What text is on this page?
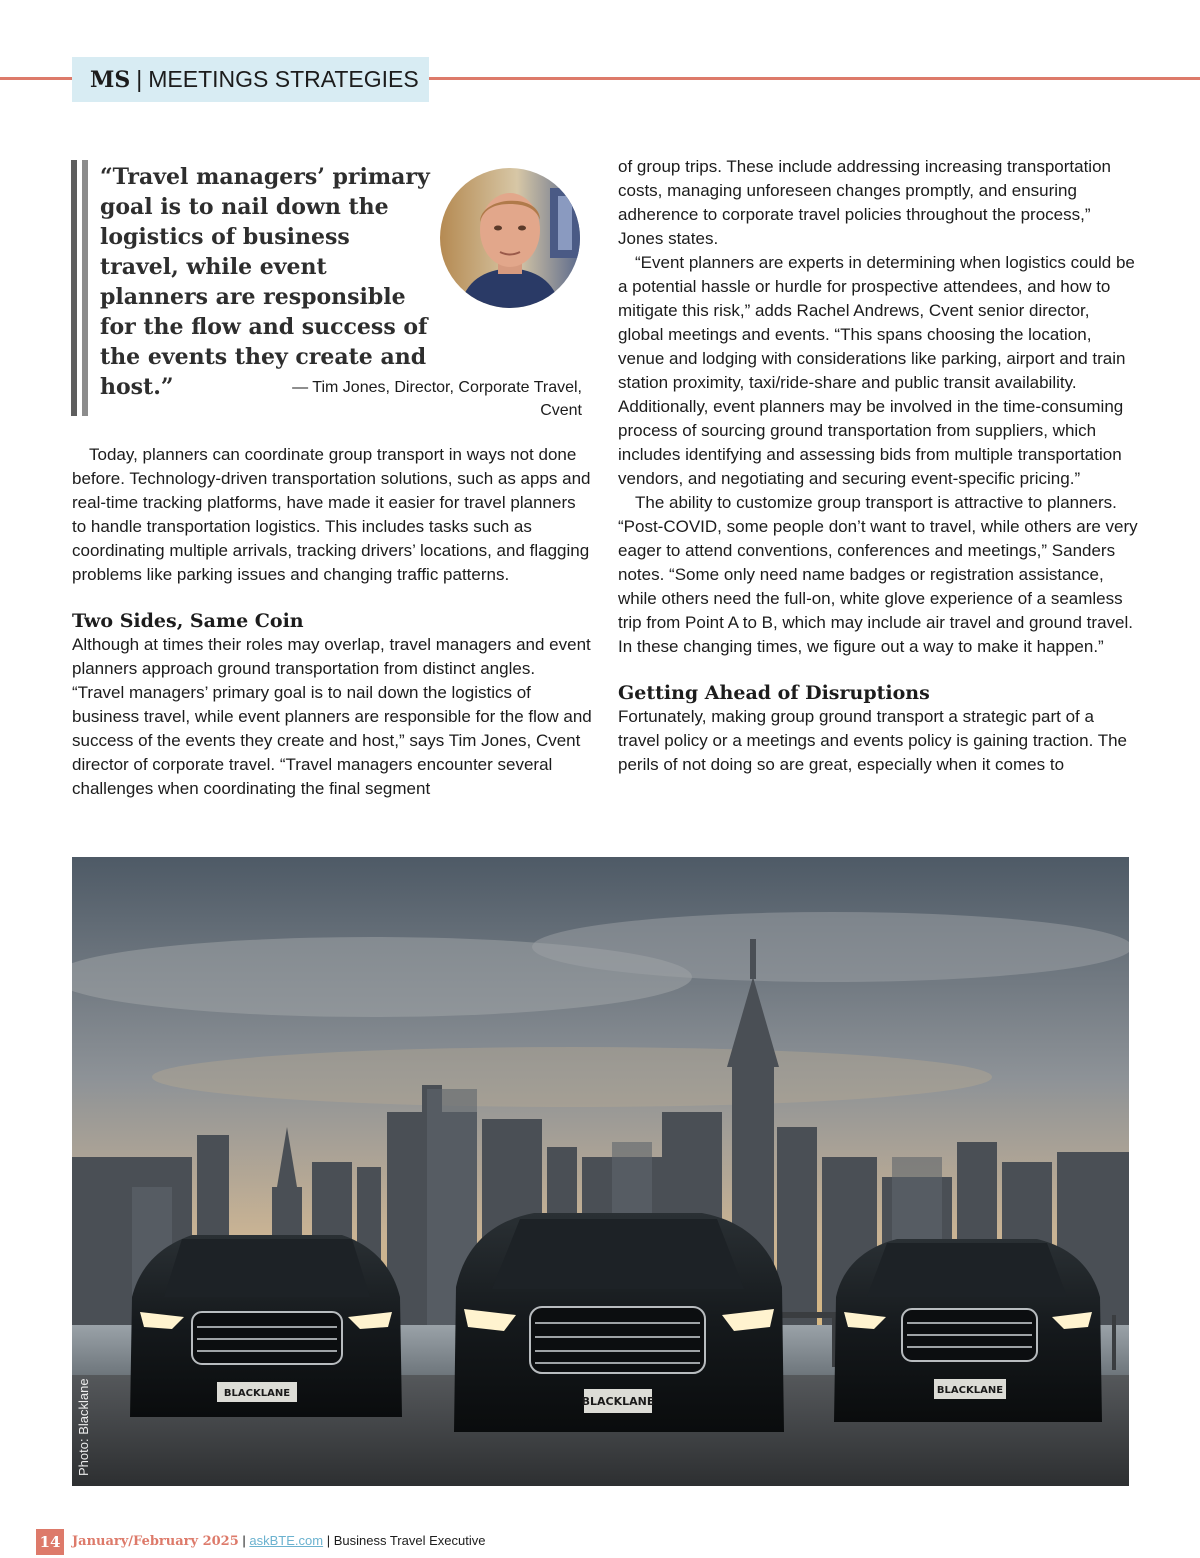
MS | MEETINGS STRATEGIES
“Travel managers’ primary goal is to nail down the logistics of business travel, while event planners are responsible for the flow and success of the events they create and host.”	— Tim Jones, Director, Corporate Travel,
Cvent

Today, planners can coordinate group transport in ways not done before. Technology-driven transportation solutions, such as apps and real-time tracking platforms, have made it easier for travel planners to handle transportation logistics. This includes tasks such as coordinating multiple arrivals, tracking drivers’ locations, and flagging problems like parking issues and changing traffic patterns.

Two Sides, Same Coin

Although at times their roles may overlap, travel managers and event planners approach ground transportation from distinct angles. “Travel managers’ primary goal is to nail down the logistics of business travel, while event planners are responsible for the flow and success of the events they create and host,” says Tim Jones, Cvent director of corporate travel. “Travel managers encounter several challenges when coordinating the final segment

of group trips. These include addressing increasing transportation costs, managing unforeseen changes promptly, and ensuring adherence to corporate travel policies throughout the process,” Jones states.

“Event planners are experts in determining when logistics could be a potential hassle or hurdle for prospective attendees, and how to mitigate this risk,” adds Rachel Andrews, Cvent senior director, global meetings and events. “This spans choosing the location, venue and lodging with considerations like parking, airport and train station proximity, taxi/ride-share and public transit availability. Additionally, event planners may be involved in the time-consuming process of sourcing ground transportation from suppliers, which includes identifying and assessing bids from multiple transportation vendors, and negotiating and securing event-specific pricing.”

The ability to customize group transport is attractive to planners. “Post-COVID, some people don’t want to travel, while others are very eager to attend conventions, conferences and meetings,” Sanders notes. “Some only need name badges or registration assistance, while others need the full-on, white glove experience of a seamless trip from Point A to B, which may include air travel and ground travel. In these changing times, we figure out a way to make it happen.”

Getting Ahead of Disruptions

Fortunately, making group ground transport a strategic part of a travel policy or a meetings and events policy is gaining traction. The perils of not doing so are great, especially when it comes to

BLACKLANE
BLACKLANE
BLACKLANE
Photo: Blacklane
14 January/February 2025 | askBTE.com | Business Travel Executive
